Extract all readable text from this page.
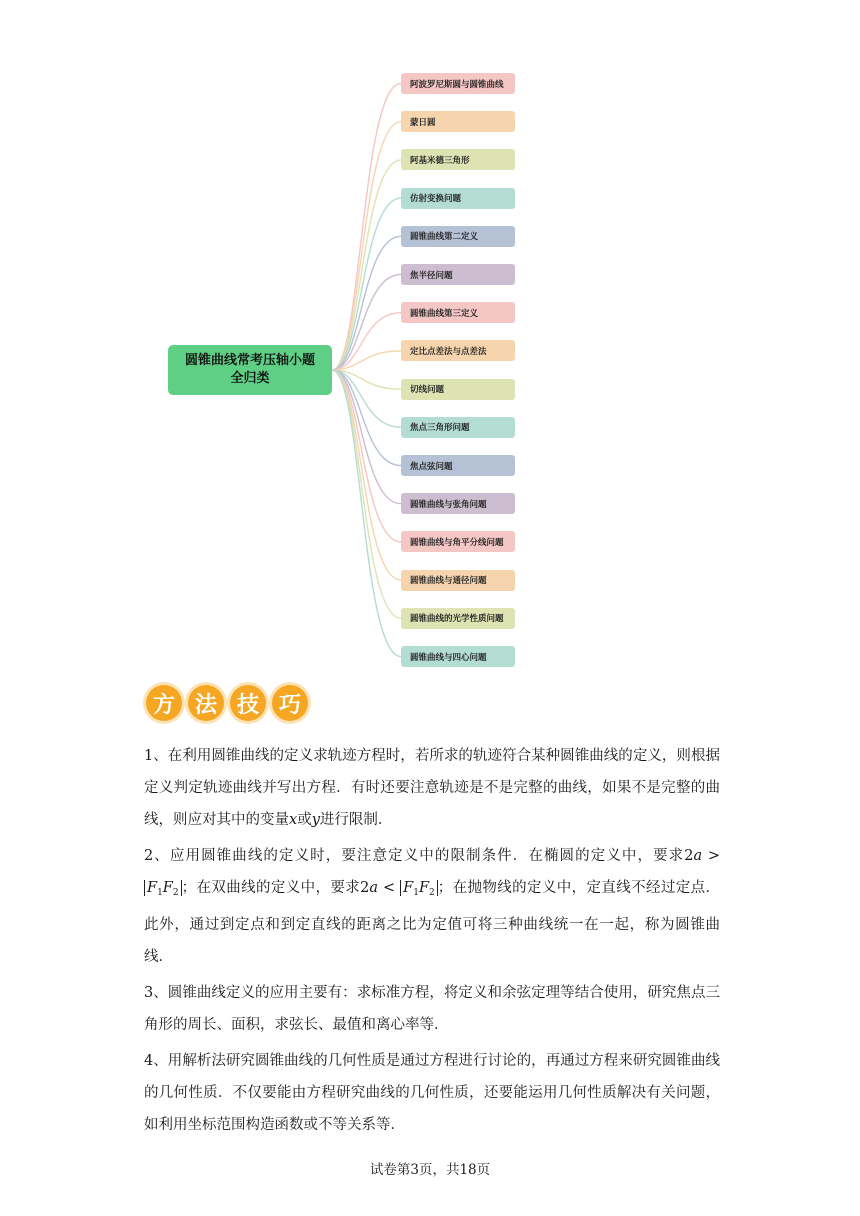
圆锥曲线常考压轴小题全归类
阿波罗尼斯圆与圆锥曲线
蒙日圆
阿基米德三角形
仿射变换问题
圆锥曲线第二定义
焦半径问题
圆锥曲线第三定义
定比点差法与点差法
切线问题
焦点三角形问题
焦点弦问题
圆锥曲线与张角问题
圆锥曲线与角平分线问题
圆锥曲线与通径问题
圆锥曲线的光学性质问题
圆锥曲线与四心问题
方 法 技 巧

1、在利用圆锥曲线的定义求轨迹方程时，若所求的轨迹符合某种圆锥曲线的定义，则根据定义判定轨迹曲线并写出方程．有时还要注意轨迹是不是完整的曲线，如果不是完整的曲线，则应对其中的变量x或y进行限制．

2、应用圆锥曲线的定义时，要注意定义中的限制条件．在椭圆的定义中，要求$2a > F_1F_2$ ；在双曲线的定义中，要求$2a < F_1F_2$ ；在抛物线的定义中，定直线不经过定点．此外，通过到定点和到定直线的距离之比为定值可将三种曲线统一在一起，称为圆锥曲线．

3、圆锥曲线定义的应用主要有：求标准方程，将定义和余弦定理等结合使用，研究焦点三角形的周长、面积，求弦长、最值和离心率等．

4、用解析法研究圆锥曲线的几何性质是通过方程进行讨论的，再通过方程来研究圆锥曲线的几何性质．不仅要能由方程研究曲线的几何性质，还要能运用几何性质解决有关问题，如利用坐标范围构造函数或不等关系等．

试卷第3页，共18页
